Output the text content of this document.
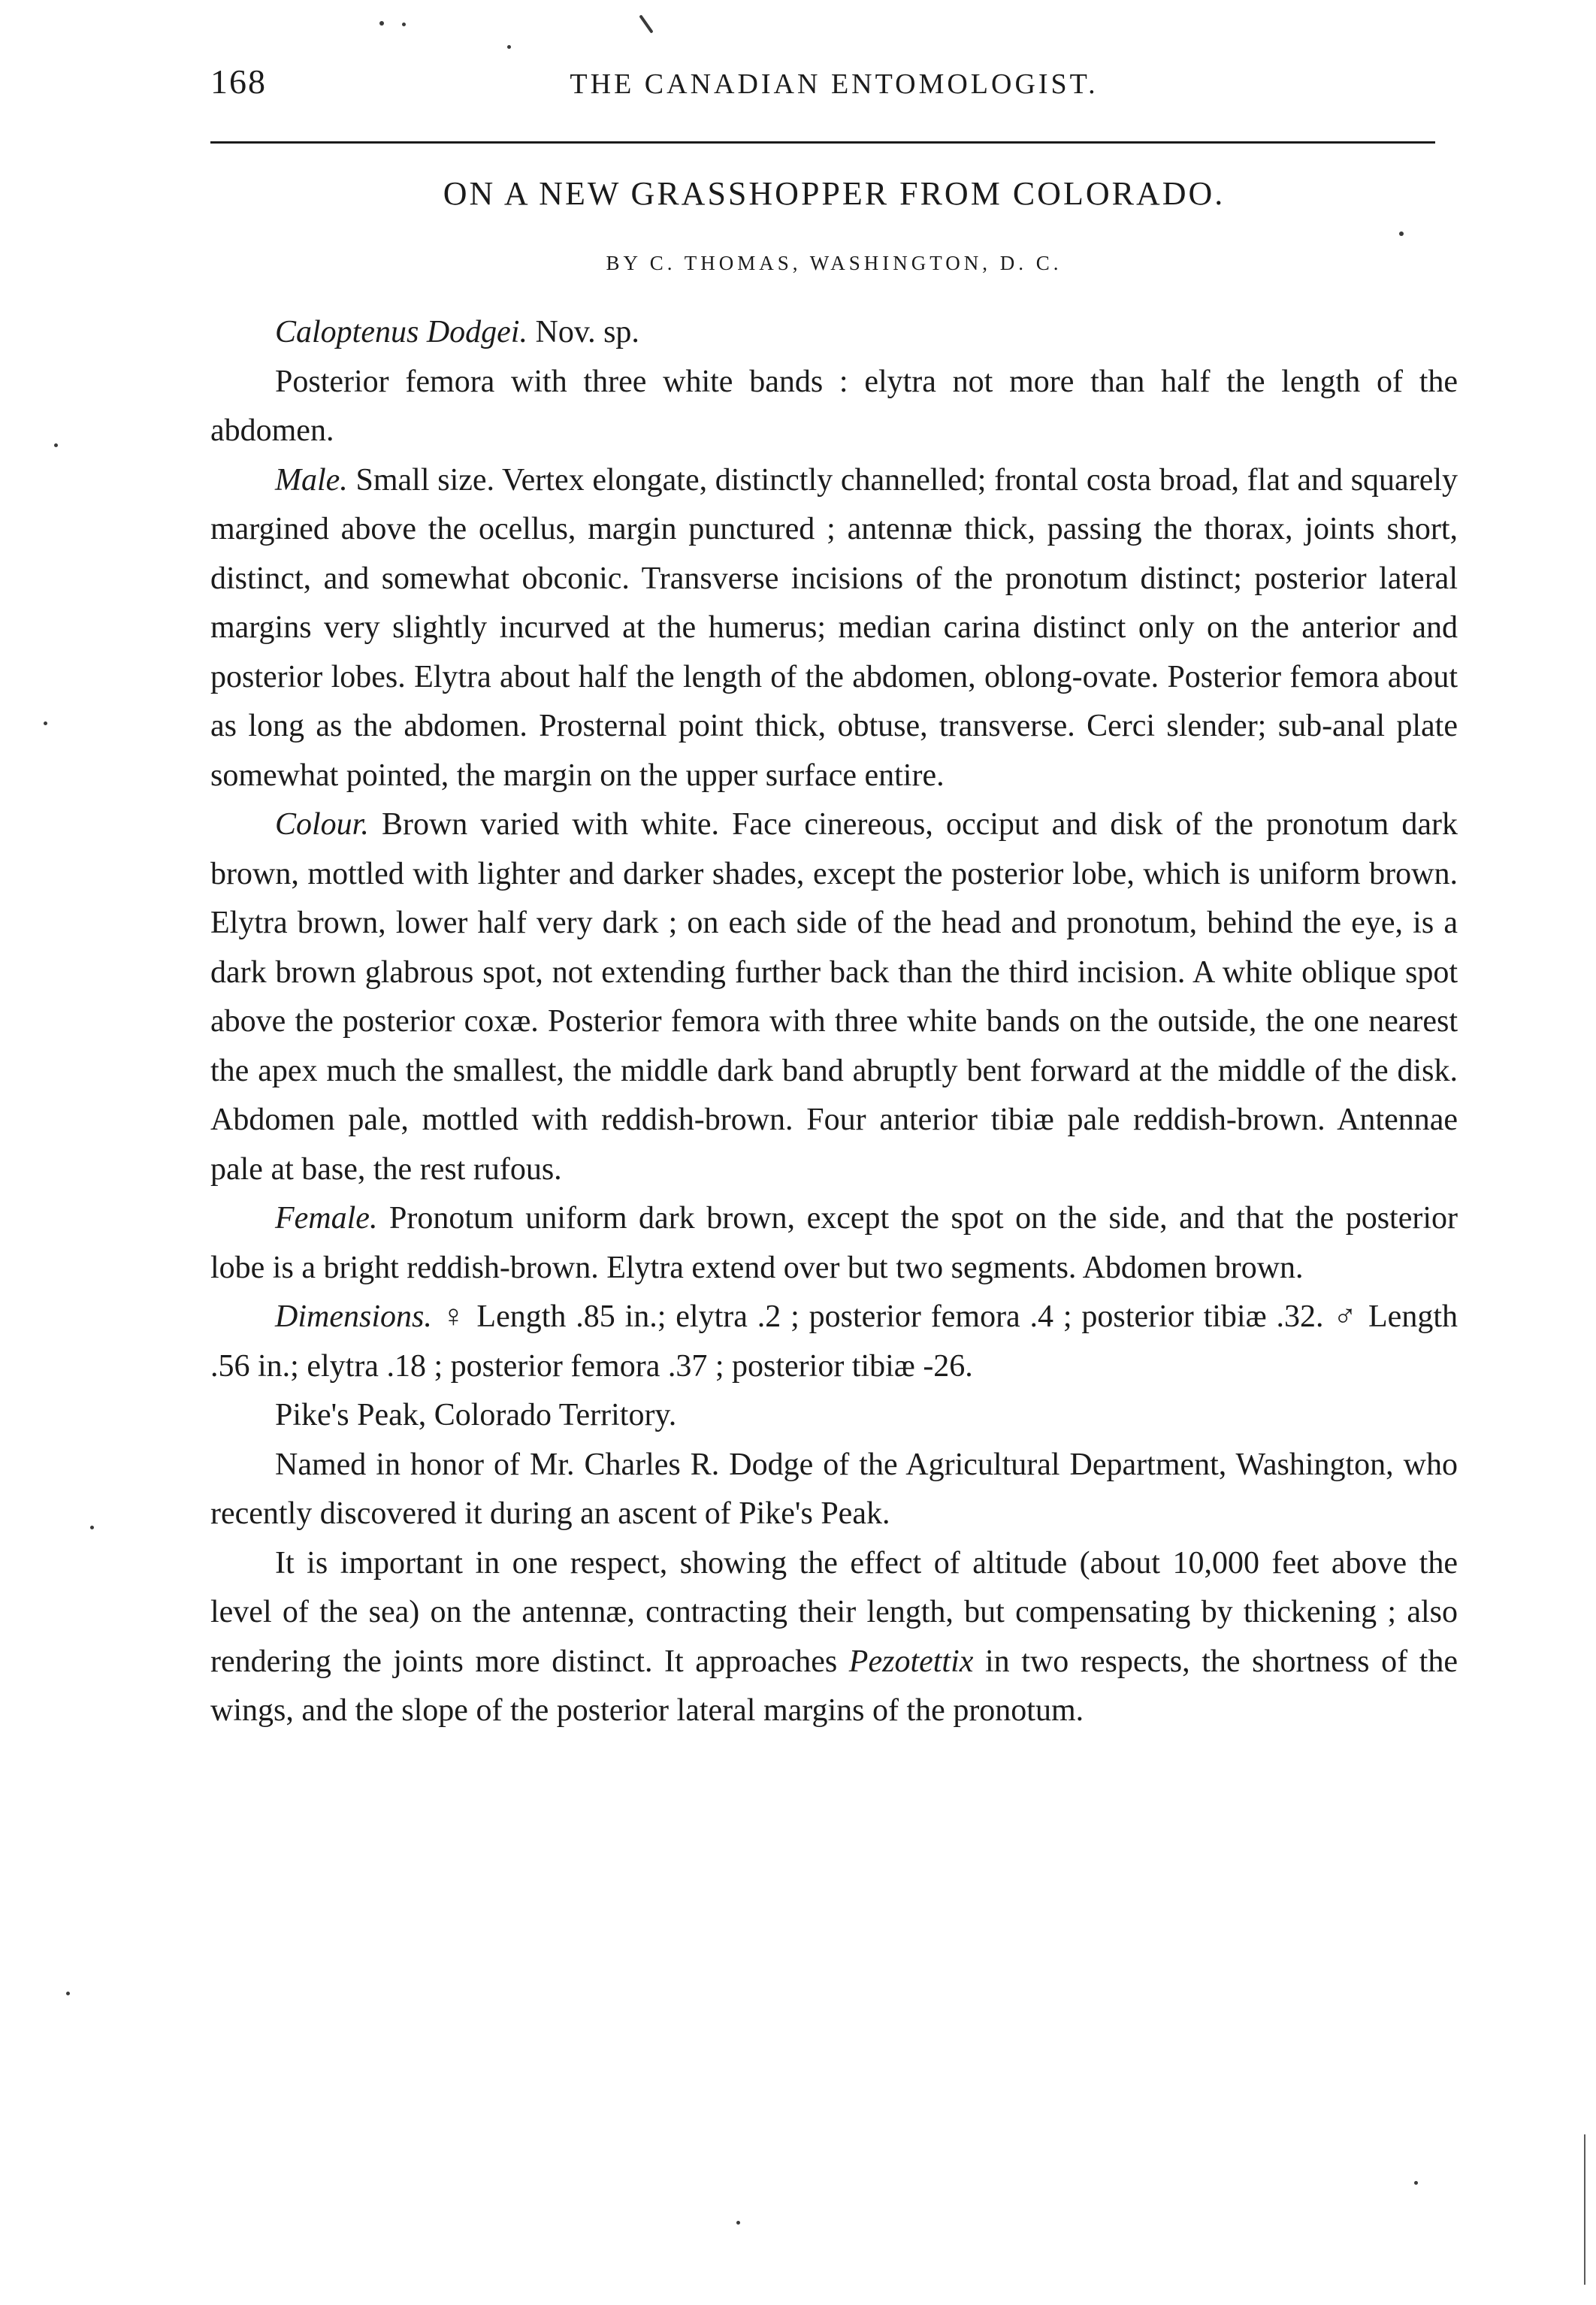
168	THE CANADIAN ENTOMOLOGIST.
ON A NEW GRASSHOPPER FROM COLORADO.
BY C. THOMAS, WASHINGTON, D. C.

Caloptenus Dodgei. Nov. sp.

Posterior femora with three white bands : elytra not more than half the length of the abdomen.

Male. Small size. Vertex elongate, distinctly channelled; frontal costa broad, flat and squarely margined above the ocellus, margin punctured ; antennæ thick, passing the thorax, joints short, distinct, and somewhat obconic. Transverse incisions of the pronotum distinct; posterior lateral margins very slightly incurved at the humerus; median carina distinct only on the anterior and posterior lobes. Elytra about half the length of the abdomen, oblong-ovate. Posterior femora about as long as the abdomen. Prosternal point thick, obtuse, transverse. Cerci slender; sub-anal plate somewhat pointed, the margin on the upper surface entire.

Colour. Brown varied with white. Face cinereous, occiput and disk of the pronotum dark brown, mottled with lighter and darker shades, except the posterior lobe, which is uniform brown. Elytra brown, lower half very dark ; on each side of the head and pronotum, behind the eye, is a dark brown glabrous spot, not extending further back than the third incision. A white oblique spot above the posterior coxæ. Posterior femora with three white bands on the outside, the one nearest the apex much the smallest, the middle dark band abruptly bent forward at the middle of the disk. Abdomen pale, mottled with reddish-brown. Four anterior tibiæ pale reddish-brown. Antennae pale at base, the rest rufous.

Female. Pronotum uniform dark brown, except the spot on the side, and that the posterior lobe is a bright reddish-brown. Elytra extend over but two segments. Abdomen brown.

Dimensions. ♀ Length .85 in.; elytra .2 ; posterior femora .4 ; posterior tibiæ .32. ♂ Length .56 in.; elytra .18 ; posterior femora .37 ; posterior tibiæ -26.

Pike's Peak, Colorado Territory.

Named in honor of Mr. Charles R. Dodge of the Agricultural Department, Washington, who recently discovered it during an ascent of Pike's Peak.

It is important in one respect, showing the effect of altitude (about 10,000 feet above the level of the sea) on the antennæ, contracting their length, but compensating by thickening ; also rendering the joints more distinct. It approaches Pezotettix in two respects, the shortness of the wings, and the slope of the posterior lateral margins of the pronotum.
